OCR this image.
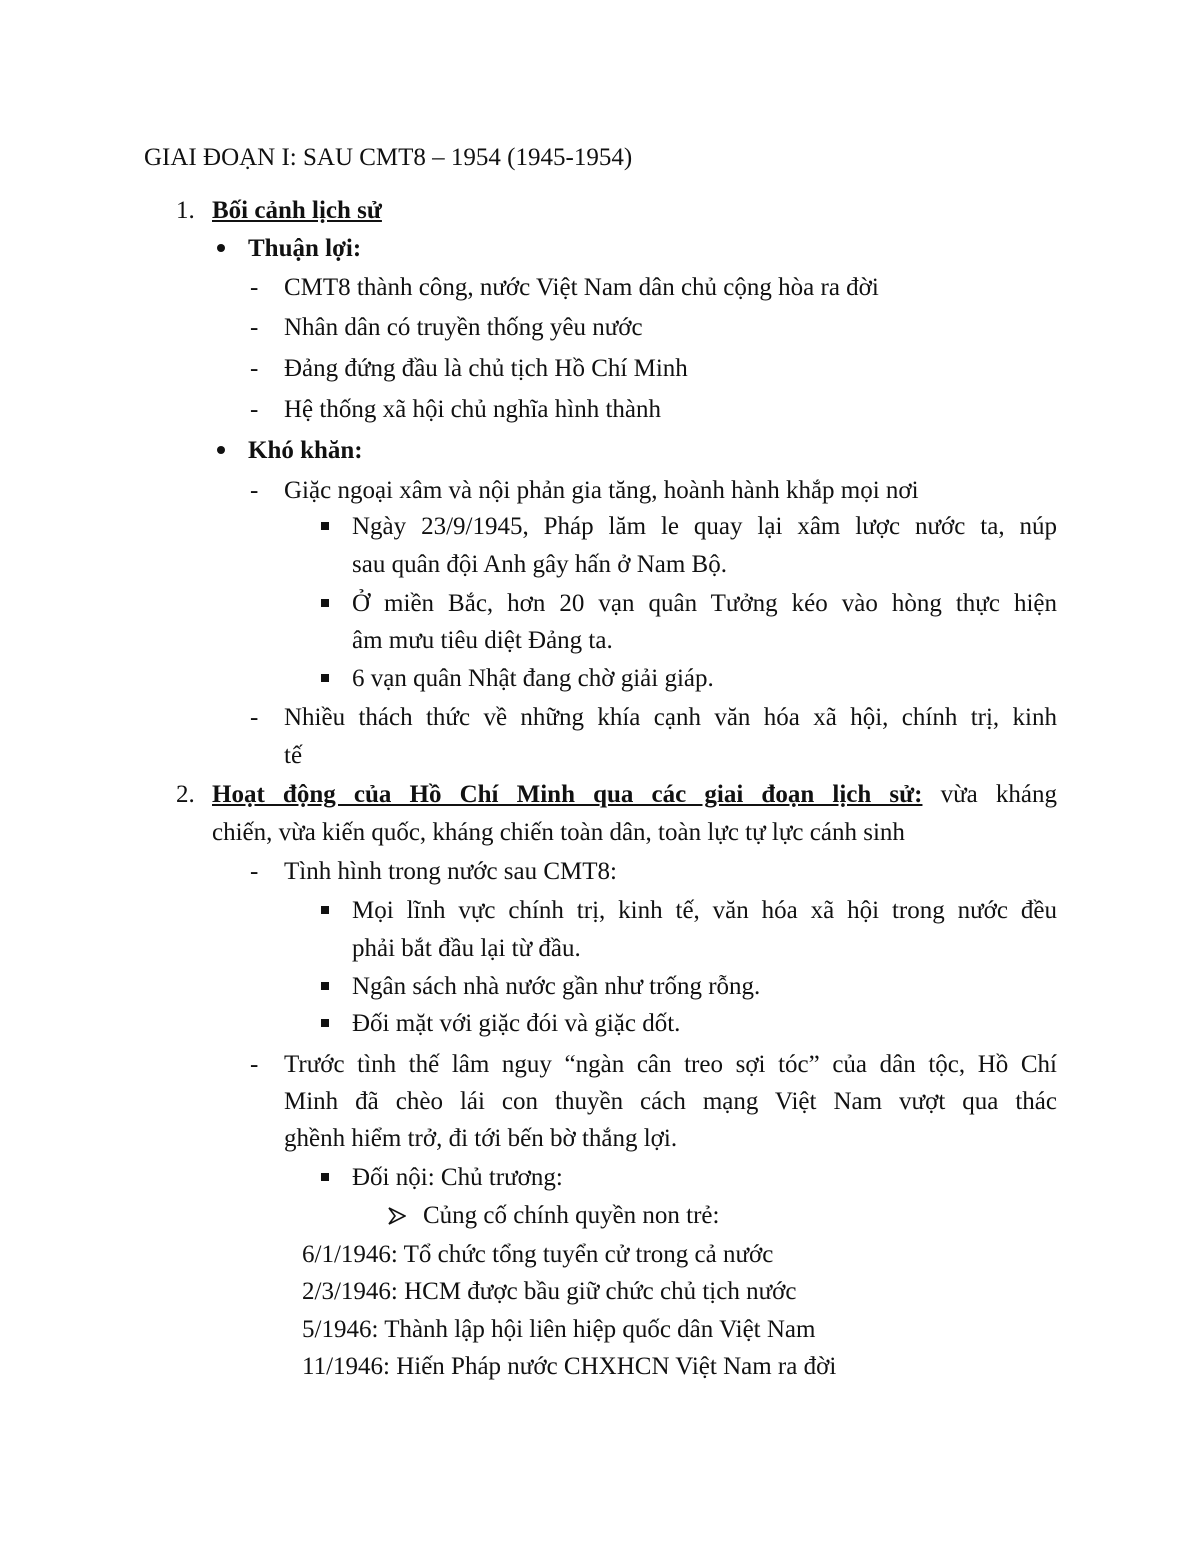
GIAI ĐOẠN I: SAU CMT8 – 1954 (1945-1954)
1. Bối cảnh lịch sử
Thuận lợi:
- CMT8 thành công, nước Việt Nam dân chủ cộng hòa ra đời
- Nhân dân có truyền thống yêu nước
- Đảng đứng đầu là chủ tịch Hồ Chí Minh
- Hệ thống xã hội chủ nghĩa hình thành
Khó khăn:
- Giặc ngoại xâm và nội phản gia tăng, hoành hành khắp mọi nơi
Ngày 23/9/1945, Pháp lăm le quay lại xâm lược nước ta, núp
sau quân đội Anh gây hấn ở Nam Bộ.
Ở miền Bắc, hơn 20 vạn quân Tưởng kéo vào hòng thực hiện
âm mưu tiêu diệt Đảng ta.
6 vạn quân Nhật đang chờ giải giáp.
- Nhiều thách thức về những khía cạnh văn hóa xã hội, chính trị, kinh
tế
2. Hoạt động của Hồ Chí Minh qua các giai đoạn lịch sử: vừa kháng
chiến, vừa kiến quốc, kháng chiến toàn dân, toàn lực tự lực cánh sinh
- Tình hình trong nước sau CMT8:
Mọi lĩnh vực chính trị, kinh tế, văn hóa xã hội trong nước đều
phải bắt đầu lại từ đầu.
Ngân sách nhà nước gần như trống rỗng.
Đối mặt với giặc đói và giặc dốt.
- Trước tình thế lâm nguy “ngàn cân treo sợi tóc” của dân tộc, Hồ Chí
Minh đã chèo lái con thuyền cách mạng Việt Nam vượt qua thác
ghềnh hiểm trở, đi tới bến bờ thắng lợi.
Đối nội: Chủ trương:
Củng cố chính quyền non trẻ:
6/1/1946: Tổ chức tổng tuyển cử trong cả nước
2/3/1946: HCM được bầu giữ chức chủ tịch nước
5/1946: Thành lập hội liên hiệp quốc dân Việt Nam
11/1946: Hiến Pháp nước CHXHCN Việt Nam ra đời
